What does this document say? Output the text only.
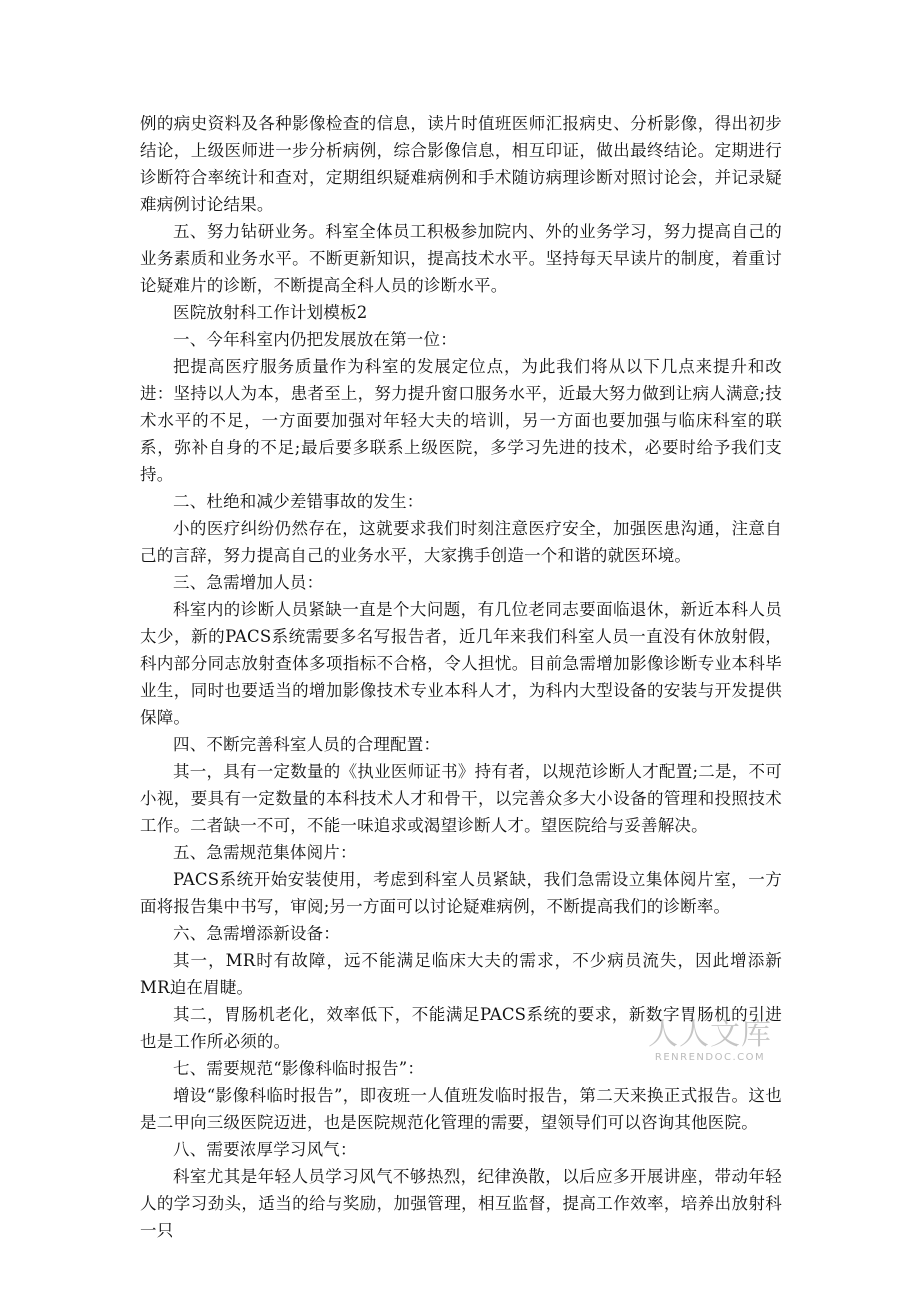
例的病史资料及各种影像检查的信息，读片时值班医师汇报病史、分析影像，得出初步结论，上级医师进一步分析病例，综合影像信息，相互印证，做出最终结论。定期进行诊断符合率统计和查对，定期组织疑难病例和手术随访病理诊断对照讨论会，并记录疑难病例讨论结果。

五、努力钻研业务。科室全体员工积极参加院内、外的业务学习，努力提高自己的业务素质和业务水平。不断更新知识，提高技术水平。坚持每天早读片的制度，着重讨论疑难片的诊断，不断提高全科人员的诊断水平。

医院放射科工作计划模板2

一、今年科室内仍把发展放在第一位：

把提高医疗服务质量作为科室的发展定位点，为此我们将从以下几点来提升和改进：坚持以人为本，患者至上，努力提升窗口服务水平，近最大努力做到让病人满意;技术水平的不足，一方面要加强对年轻大夫的培训，另一方面也要加强与临床科室的联系，弥补自身的不足;最后要多联系上级医院，多学习先进的技术，必要时给予我们支持。

二、杜绝和减少差错事故的发生：

小的医疗纠纷仍然存在，这就要求我们时刻注意医疗安全，加强医患沟通，注意自己的言辞，努力提高自己的业务水平，大家携手创造一个和谐的就医环境。

三、急需增加人员：

科室内的诊断人员紧缺一直是个大问题，有几位老同志要面临退休，新近本科人员太少，新的PACS系统需要多名写报告者，近几年来我们科室人员一直没有休放射假，科内部分同志放射查体多项指标不合格，令人担忧。目前急需增加影像诊断专业本科毕业生，同时也要适当的增加影像技术专业本科人才，为科内大型设备的安装与开发提供保障。

四、不断完善科室人员的合理配置：

其一，具有一定数量的《执业医师证书》持有者，以规范诊断人才配置;二是，不可小视，要具有一定数量的本科技术人才和骨干，以完善众多大小设备的管理和投照技术工作。二者缺一不可，不能一味追求或渴望诊断人才。望医院给与妥善解决。

五、急需规范集体阅片：

PACS系统开始安装使用，考虑到科室人员紧缺，我们急需设立集体阅片室，一方面将报告集中书写，审阅;另一方面可以讨论疑难病例，不断提高我们的诊断率。

六、急需增添新设备：

其一，MR时有故障，远不能满足临床大夫的需求，不少病员流失，因此增添新MR迫在眉睫。

其二，胃肠机老化，效率低下，不能满足PACS系统的要求，新数字胃肠机的引进也是工作所必须的。

七、需要规范“影像科临时报告”：

增设“影像科临时报告”，即夜班一人值班发临时报告，第二天来换正式报告。这也是二甲向三级医院迈进，也是医院规范化管理的需要，望领导们可以咨询其他医院。

八、需要浓厚学习风气：

科室尤其是年轻人员学习风气不够热烈，纪律涣散，以后应多开展讲座，带动年轻人的学习劲头，适当的给与奖励，加强管理，相互监督，提高工作效率，培养出放射科一只

人人文库
RENRENDOC.COM
